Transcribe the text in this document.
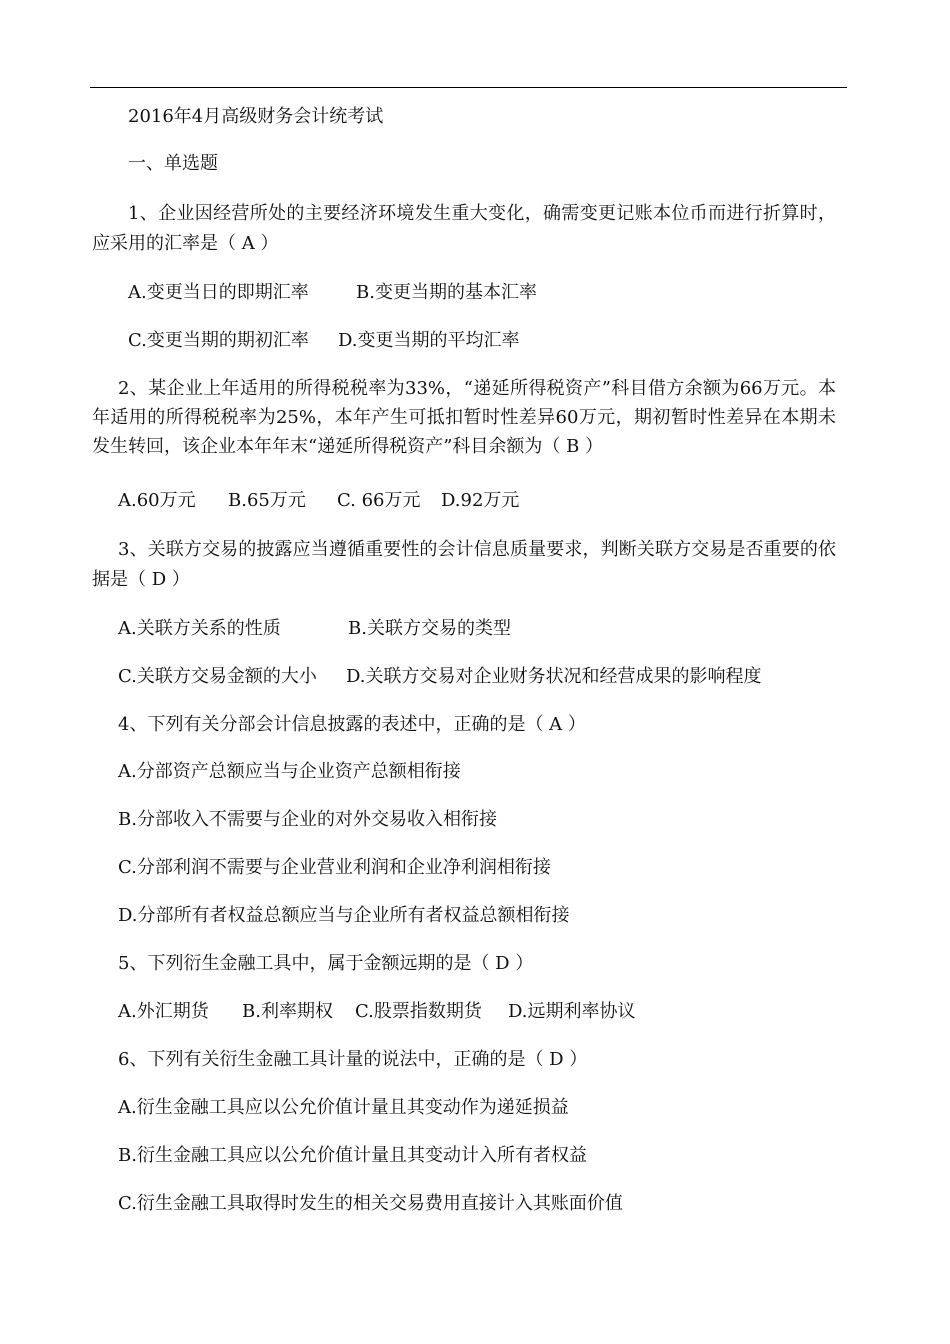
2016年4月高级财务会计统考试
一、单选题
1、企业因经营所处的主要经济环境发生重大变化，确需变更记账本位币而进行折算时，应采用的汇率是（ A ）
A.变更当日的即期汇率	B.变更当期的基本汇率
C.变更当期的期初汇率 D.变更当期的平均汇率
2、某企业上年适用的所得税税率为33%，“递延所得税资产”科目借方余额为66万元。本年适用的所得税税率为25%，本年产生可抵扣暂时性差异60万元，期初暂时性差异在本期未发生转回，该企业本年年末“递延所得税资产”科目余额为（ B ）
A.60万元 B.65万元 C. 66万元 D.92万元
3、关联方交易的披露应当遵循重要性的会计信息质量要求，判断关联方交易是否重要的依据是（ D ）
A.关联方关系的性质	B.关联方交易的类型
C.关联方交易金额的大小 D.关联方交易对企业财务状况和经营成果的影响程度
4、下列有关分部会计信息披露的表述中，正确的是（ A ）
A.分部资产总额应当与企业资产总额相衔接
B.分部收入不需要与企业的对外交易收入相衔接
C.分部利润不需要与企业营业利润和企业净利润相衔接
D.分部所有者权益总额应当与企业所有者权益总额相衔接
5、下列衍生金融工具中，属于金额远期的是（ D ）
A.外汇期货 B.利率期权 C.股票指数期货 D.远期利率协议
6、下列有关衍生金融工具计量的说法中，正确的是（ D ）
A.衍生金融工具应以公允价值计量且其变动作为递延损益
B.衍生金融工具应以公允价值计量且其变动计入所有者权益
C.衍生金融工具取得时发生的相关交易费用直接计入其账面价值
